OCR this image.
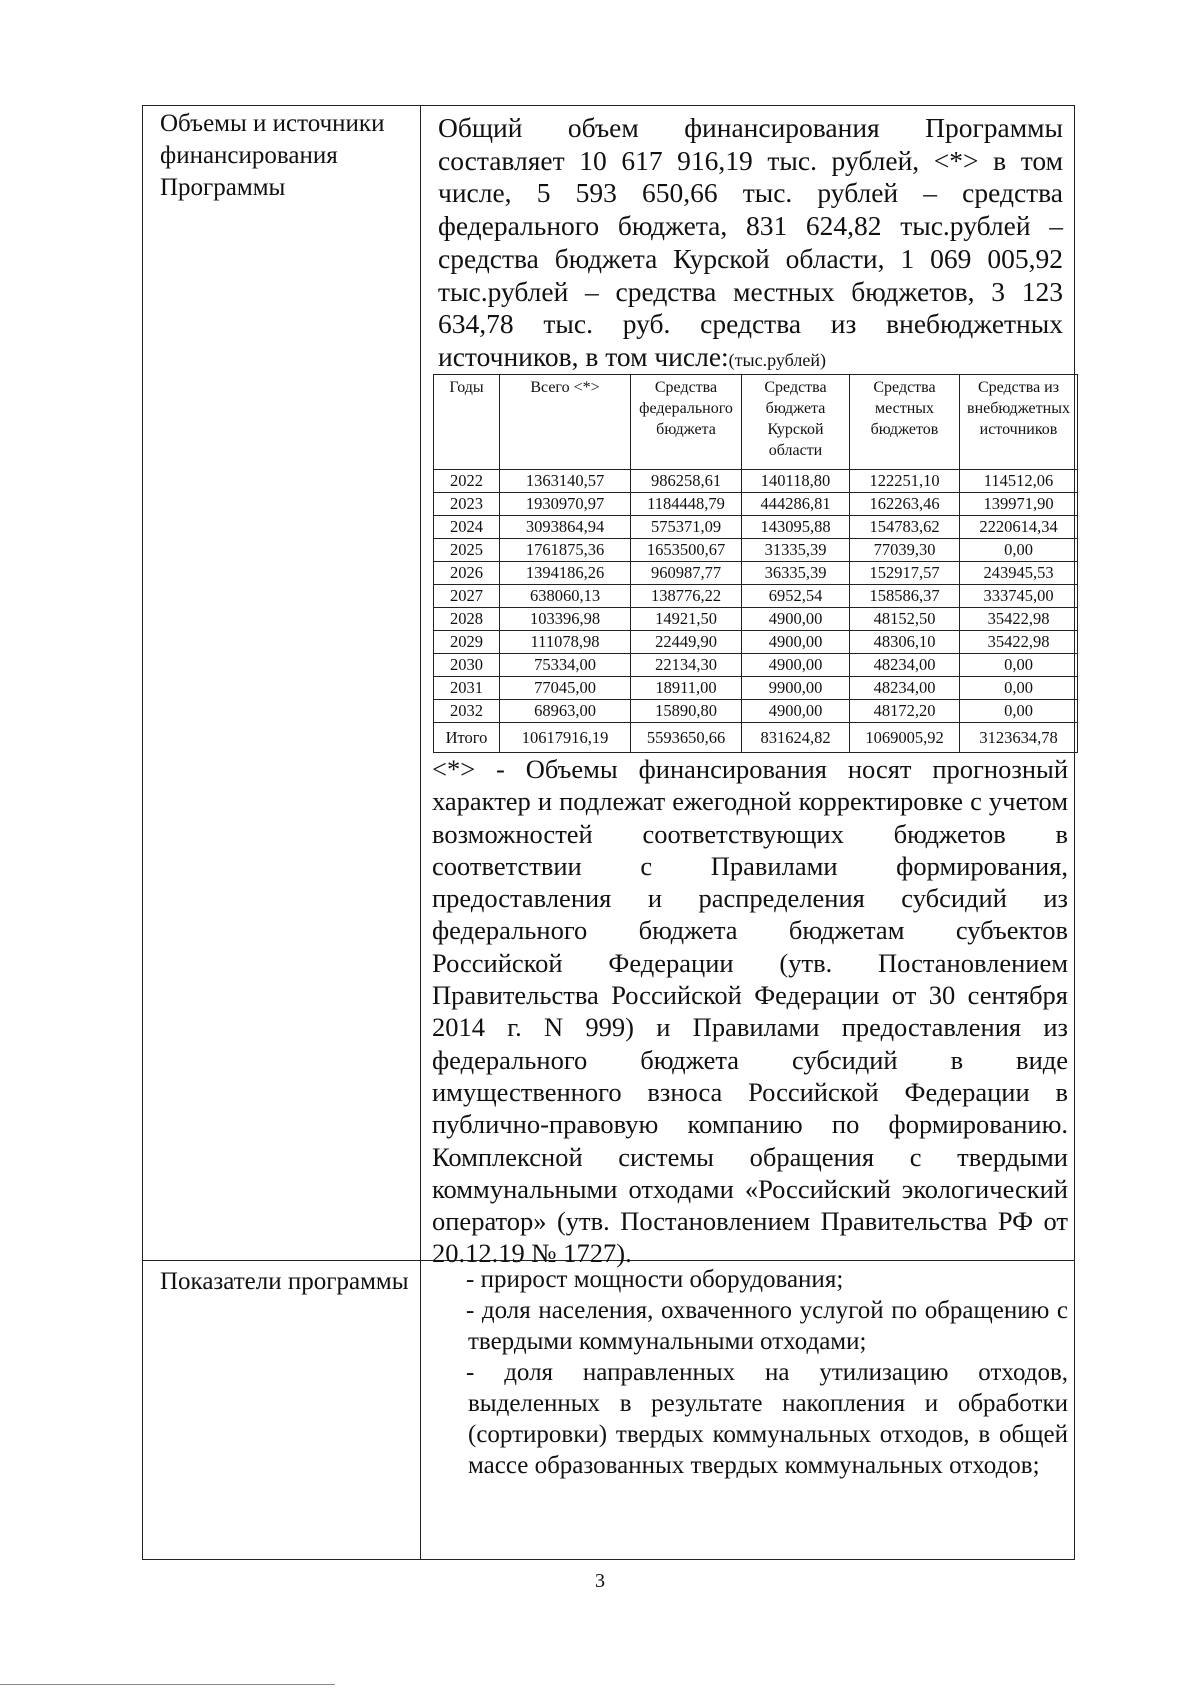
Объемы и источники финансирования Программы
Общий объем финансирования Программы составляет 10 617 916,19 тыс. рублей, <*> в том числе, 5 593 650,66 тыс. рублей – средства федерального бюджета, 831 624,82 тыс.рублей – средства бюджета Курской области, 1 069 005,92 тыс.рублей – средства местных бюджетов, 3 123 634,78 тыс. руб. средства из внебюджетных источников, в том числе:(тыс.рублей)
Годы	Всего <*>	Средства федерального бюджета	Средства бюджета Курской области	Средства местных бюджетов	Средства из внебюджетных источников
2022	1363140,57	986258,61	140118,80	122251,10	114512,06
2023	1930970,97	1184448,79	444286,81	162263,46	139971,90
2024	3093864,94	575371,09	143095,88	154783,62	2220614,34
2025	1761875,36	1653500,67	31335,39	77039,30	0,00
2026	1394186,26	960987,77	36335,39	152917,57	243945,53
2027	638060,13	138776,22	6952,54	158586,37	333745,00
2028	103396,98	14921,50	4900,00	48152,50	35422,98
2029	111078,98	22449,90	4900,00	48306,10	35422,98
2030	75334,00	22134,30	4900,00	48234,00	0,00
2031	77045,00	18911,00	9900,00	48234,00	0,00
2032	68963,00	15890,80	4900,00	48172,20	0,00
Итого	10617916,19	5593650,66	831624,82	1069005,92	3123634,78
<*> - Объемы финансирования носят прогнозный характер и подлежат ежегодной корректировке с учетом возможностей соответствующих бюджетов в соответствии с Правилами формирования, предоставления и распределения субсидий из федерального бюджета бюджетам субъектов Российской Федерации (утв. Постановлением Правительства Российской Федерации от 30 сентября 2014 г. N 999) и Правилами предоставления из федерального бюджета субсидий в виде имущественного взноса Российской Федерации в публично-правовую компанию по формированию. Комплексной системы обращения с твердыми коммунальными отходами «Российский экологический оператор» (утв. Постановлением Правительства РФ от 20.12.19 № 1727).
Показатели программы - прирост мощности оборудования;
- доля населения, охваченного услугой по обращению с твердыми коммунальными отходами;
- доля направленных на утилизацию отходов, выделенных в результате накопления и обработки (сортировки) твердых коммунальных отходов, в общей массе образованных твердых коммунальных отходов;
3
